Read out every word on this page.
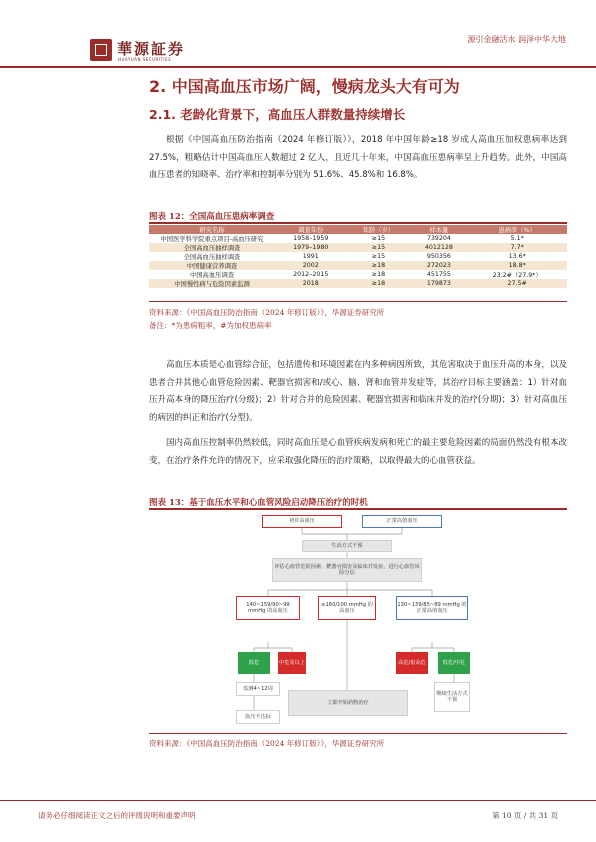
華源証券
HUAYUAN SECURITIES
源引金融活水 润泽中华大地
2. 中国高血压市场广阔，慢病龙头大有可为
2.1. 老龄化背景下，高血压人群数量持续增长
根据《中国高血压防治指南（2024 年修订版）》，2018 年中国年龄≥18 岁成人高血压加权患病率达到 27.5%，粗略估计中国高血压人数超过 2 亿人，且近几十年来，中国高血压患病率呈上升趋势。此外，中国高血压患者的知晓率、治疗率和控制率分别为 51.6%、45.8%和 16.8%。
图表 12：全国高血压患病率调查
研究名称	调查年份	年龄（岁）	样本量	患病率（%）
中国医学科学院重点项目-高血压研究	1958–1959	≥15	739204	5.1*
全国高血压抽样调查	1979–1980	≥15	4012128	7.7*
全国高血压抽样调查	1991	≥15	950356	13.6*
中国健康营养调查	2002	≥18	272023	18.8*
中国高血压调查	2012–2015	≥18	451755	23.2#（27.9*）
中国慢性病与危险因素监测	2018	≥18	179873	27.5#
资料来源：《中国高血压防治指南（2024 年修订版）》，华源证券研究所
备注：*为患病粗率，#为加权患病率
高血压本质是心血管综合征，包括遗传和环境因素在内多种病因所致，其危害取决于血压升高的本身，以及患者合并其他心血管危险因素、靶器官损害和/或心、脑、肾和血管并发症等，其治疗目标主要涵盖：1）针对血压升高本身的降压治疗(分级)；2）针对合并的危险因素、靶器官损害和临床并发的治疗(分期)；3）针对高血压的病因的纠正和治疗(分型)。
国内高血压控制率仍然较低，同时高血压是心血管疾病发病和死亡的最主要危险因素的局面仍然没有根本改变，在治疗条件允许的情况下，应采取强化降压的治疗策略，以取得最大的心血管获益。
图表 13：基于血压水平和心血管风险启动降压治疗的时机
初诊高血压	正常高值血压
生活方式干预
评估心血管危险因素、靶器官损害及临床并发症，进行心血管风险分层
140~159/90~99 mmHg 的高血压
≥160/100 mmHg 的高血压
130~139/85~89 mmHg 的正常高值血压
低危	中危及以上	高危/很高危	低危/中危
监测4~12周
血压不达标
立即开始药物治疗
继续生活方式干预
资料来源：《中国高血压防治指南（2024 年修订版）》，华源证券研究所
请务必仔细阅读正文之后的评级说明和重要声明	第 10 页 / 共 31 页
